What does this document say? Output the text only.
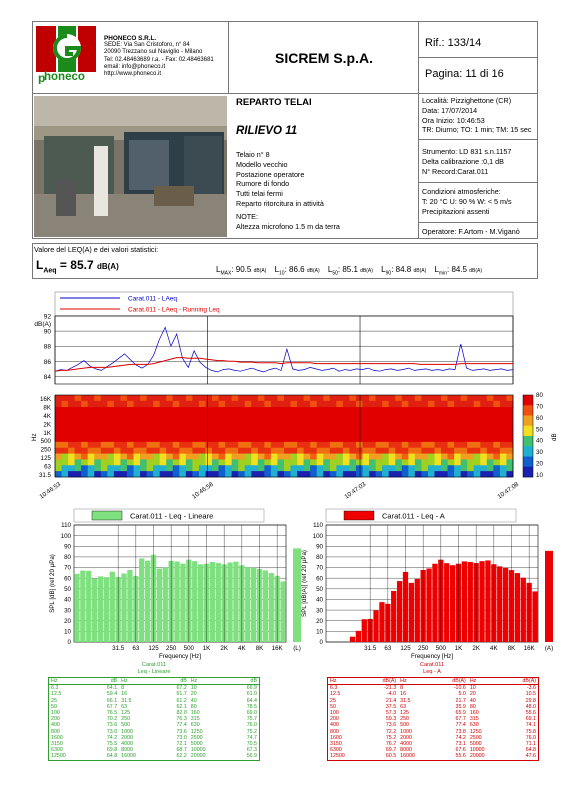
p
honeco
PHONECO S.R.L.
SEDE: Via San Cristoforo, n° 84
20090 Trezzano sul Naviglio - Milano
Tel: 02.48463689 r.a. - Fax: 02.48463681
email: info@phoneco.it
http://www.phoneco.it
SICREM S.p.A.
Rif.: 133/14
Pagina: 11 di 16
REPARTO TELAI
RILIEVO 11
Telaio n° 8
Modello vecchio
Postazione operatore
Rumore di fondo
Tutti telai fermi
Reparto ritorcitura in attività
NOTE:
Altezza microfono 1.5 m da terra
Località: Pizzighettone (CR)
Data: 17/07/2014
Ora Inizio: 10:46:53
TR: Diurno; TO: 1 min; TM: 15 sec
Strumento: LD 831 s.n.1157
Delta calibrazione :0,1 dB
N° Record:Carat.011
Condizioni atmosferiche:
T: 20 °C U: 90 % W: < 5 m/s
Precipitazioni assenti
Operatore: F.Artom - M.Viganò
Valore del LEQ(A) e dei valori statistici:
$L_{Aeq} = 85.7$ dB(A)	$L_{MAX}$: 90.5 dB(A) $L_{10}$: 86.6 dB(A) $L_{50}$: 85.1 dB(A) $L_{90}$: 84.8 dB(A) $L_{min}$: 84.5 dB(A)
Carat.011 - LAeq
Carat.011 - LAeq - Running Leq
92
90
88
86
84
dB(A)
16K
8K
4K
2K
1K
500
250
125
63
31.5
Hz
80
70
60
50
40
30
20
10
dB
10:46:53	10:46:58	10:47:03	10:47:08
Carat.011 - Leq - Lineare
110
100
90
80
70
60
50
40
30
20
10
0
31.5 63 125 250 500 1K 2K 4K 8K 16K (L)
Frequency [Hz]
SPL [dB] (ref 20 µPa)
Carat.011 - Leq - A
110
100
90
80
70
60
50
40
30
20
10
0
31.5 63 125 250 500 1K 2K 4K 8K 16K (A)
Frequency [Hz]
SPL [dB(A)] (ref 20 µPa)
Carat.011
Leq - Lineare
Hz	dB	Hz	dB	Hz	dB
6.3	64.1	8	67.2	10	66.9
12.5	59.4	16	61.7	20	61.0
25	66.1	31.5	61.2	40	64.4
50	67.7	63	62.1	80	78.5
100	76.5	125	82.0	160	69.0
200	70.2	250	76.3	315	75.7
400	73.6	500	77.4	630	76.0
800	73.0	1000	73.6	1250	75.2
1600	74.2	2000	73.0	2500	74.7
3150	75.5	4000	72.1	5000	70.5
6300	69.8	8000	68.7	10000	67.3
12500	64.8	16000	62.2	20000	56.9
Carat.011
Leq - A
Hz	dB(A)	Hz	dB(A)	Hz	dB(A)
6.3	-21.3	8	-10.6	10	-3.6
12.5	-4.0	16	5.0	20	10.5
25	21.4	31.5	21.7	40	29.8
50	37.5	63	35.9	80	48.0
100	57.3	125	65.9	160	55.6
200	59.3	250	67.7	315	69.1
400	73.6	500	77.4	630	74.1
800	72.2	1000	73.8	1250	75.8
1600	75.2	2000	74.2	2500	76.0
3150	76.7	4000	73.1	5000	71.1
6300	69.7	8000	67.6	10000	64.8
12500	60.5	16000	55.6	20000	47.6
